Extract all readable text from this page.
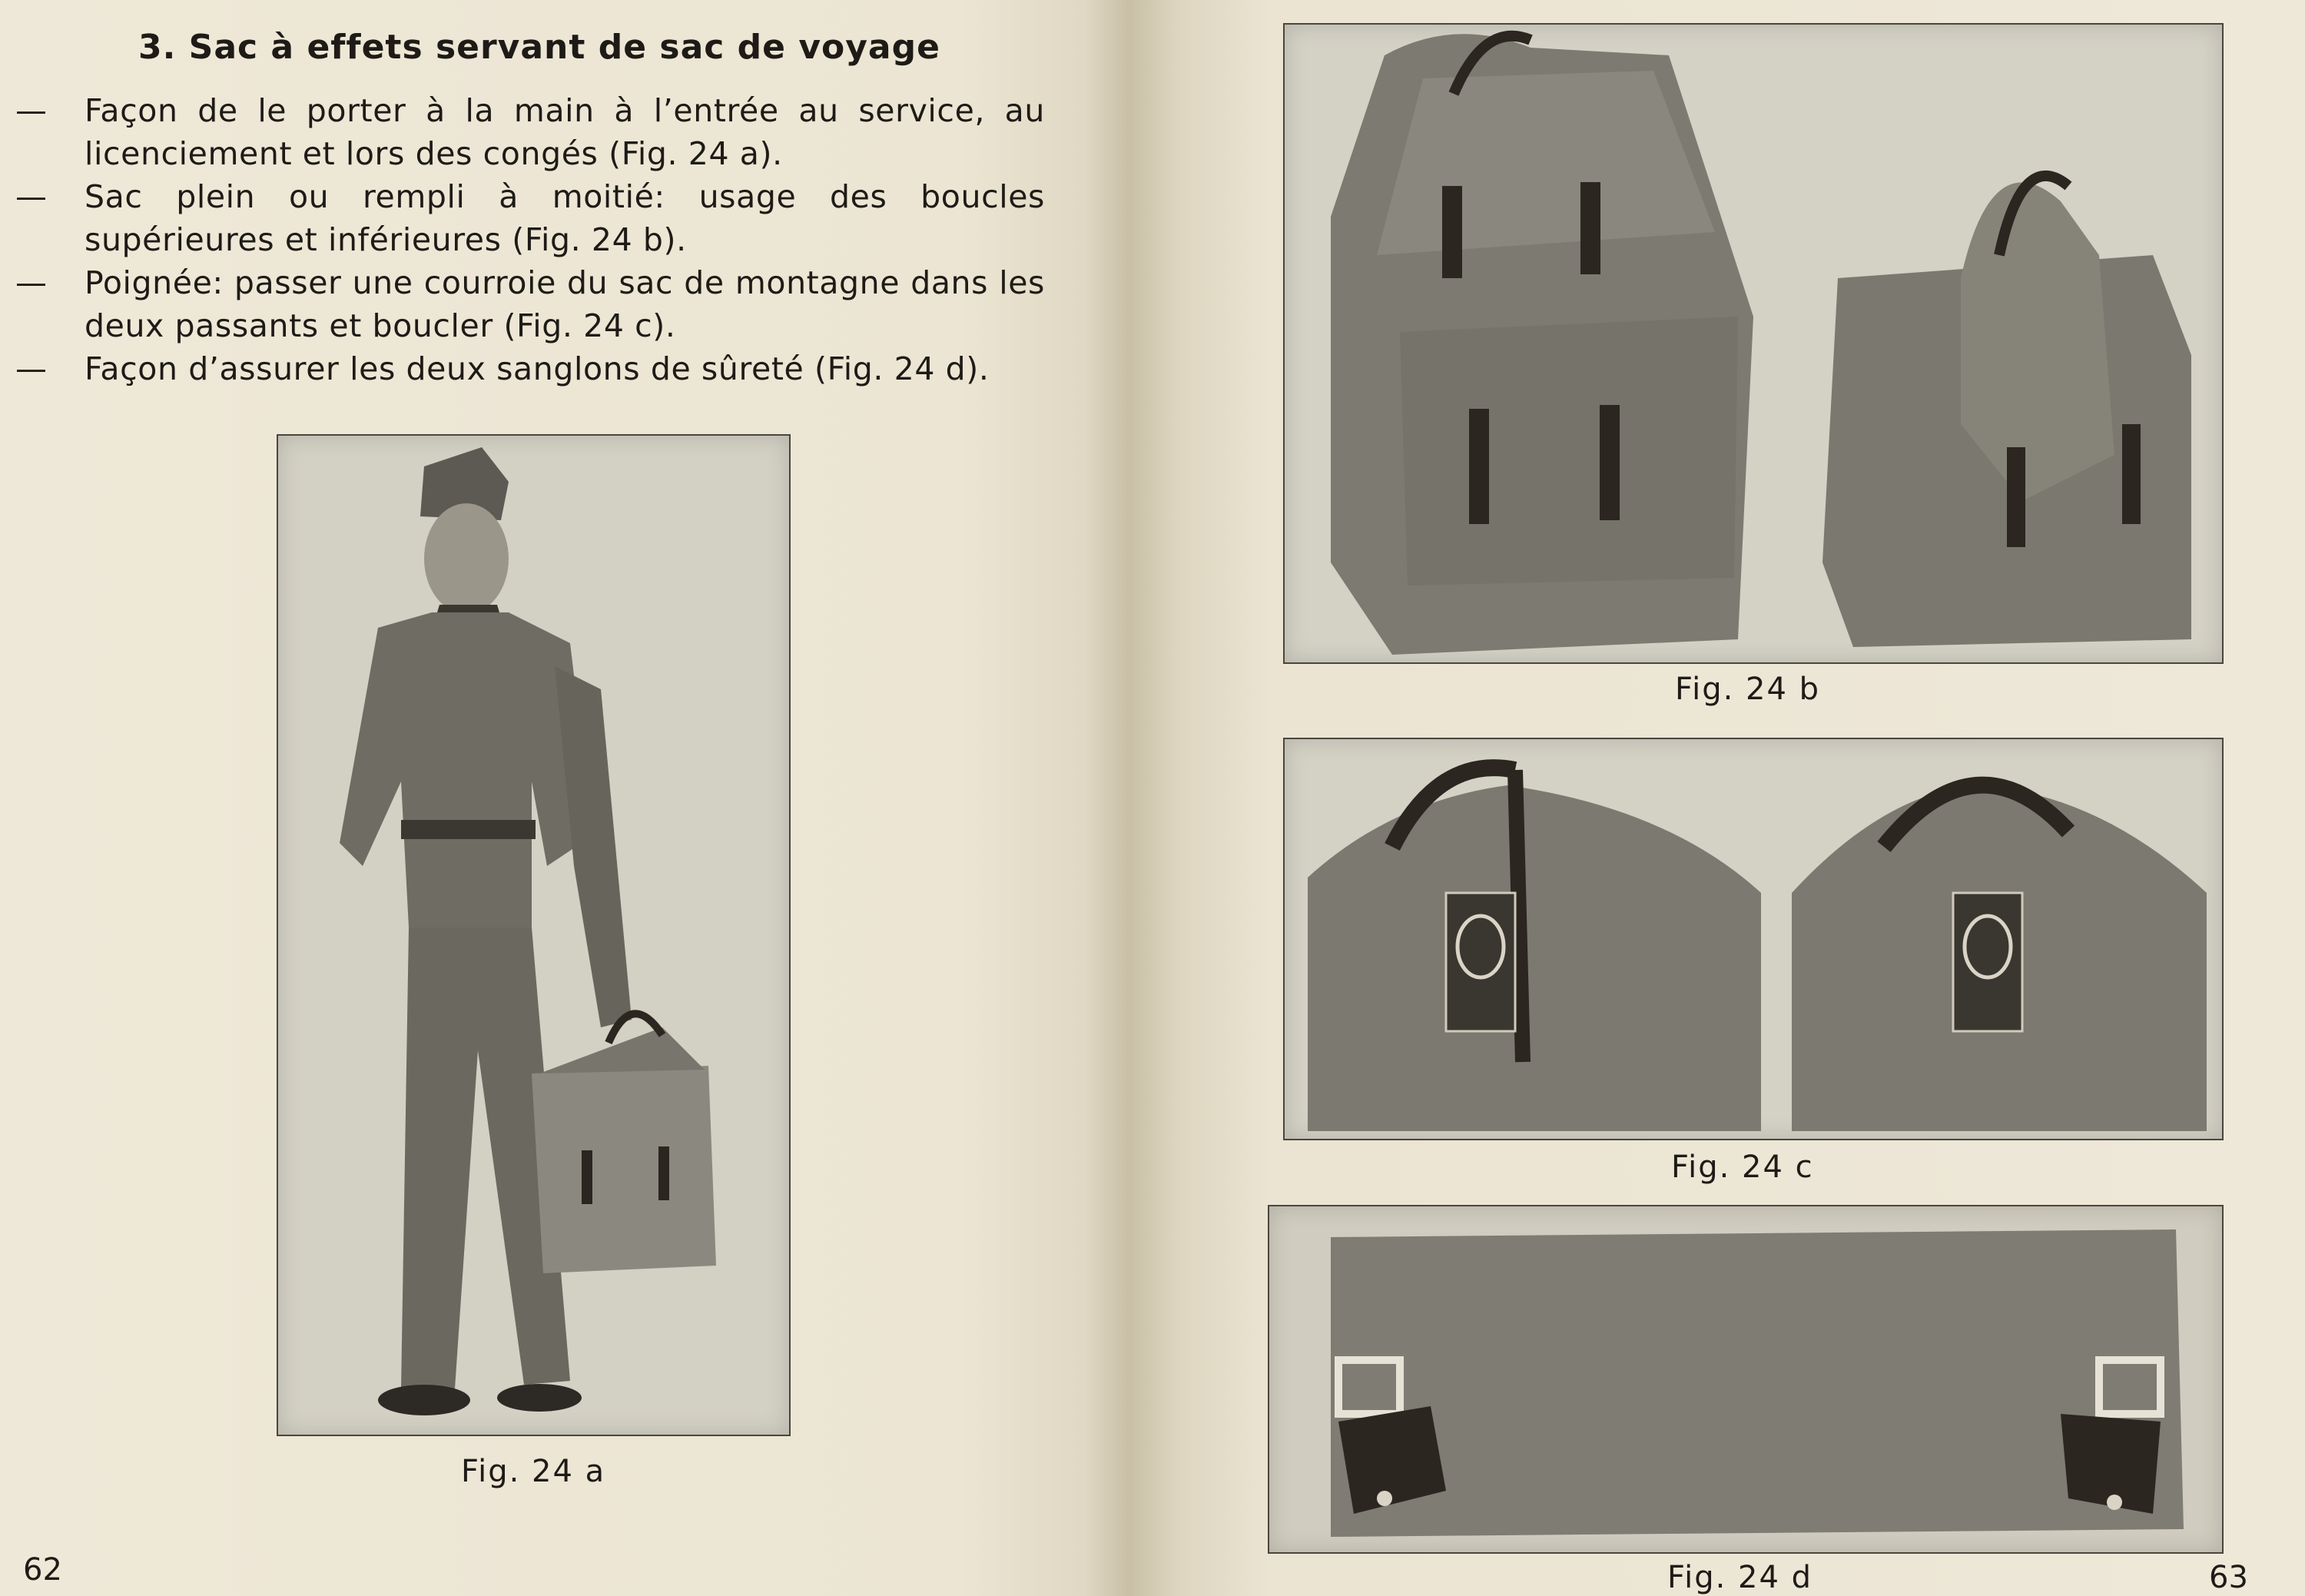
3. Sac à effets servant de sac de voyage
— Façon de le porter à la main à l’entrée au service, au licenciement et lors des congés (Fig. 24 a).
— Sac plein ou rempli à moitié: usage des boucles supérieures et inférieures (Fig. 24 b).
— Poignée: passer une courroie du sac de montagne dans les deux passants et boucler (Fig. 24 c).
— Façon d’assurer les deux sanglons de sûreté (Fig. 24 d).
Fig. 24 a
62
Fig. 24 b
Fig. 24 c
Fig. 24 d	63
